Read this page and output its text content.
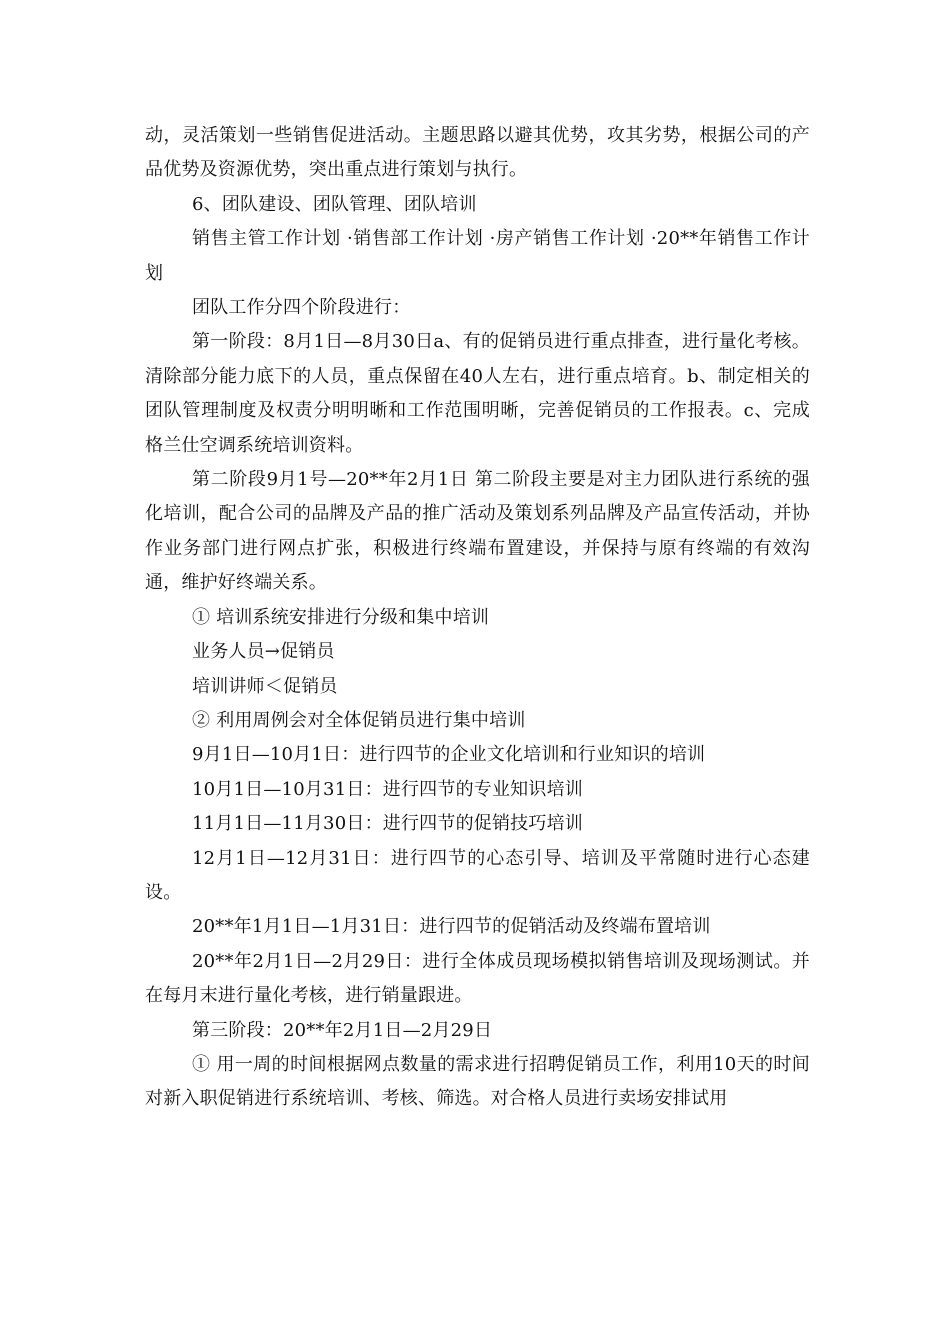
动，灵活策划一些销售促进活动。主题思路以避其优势，攻其劣势，根据公司的产品优势及资源优势，突出重点进行策划与执行。

6、团队建设、团队管理、团队培训

销售主管工作计划 ·销售部工作计划 ·房产销售工作计划 ·20**年销售工作计划

团队工作分四个阶段进行：

第一阶段：8月1日—8月30日a、有的促销员进行重点排查，进行量化考核。清除部分能力底下的人员，重点保留在40人左右，进行重点培育。b、制定相关的团队管理制度及权责分明明晰和工作范围明晰，完善促销员的工作报表。c、完成格兰仕空调系统培训资料。

第二阶段9月1号—20**年2月1日 第二阶段主要是对主力团队进行系统的强化培训，配合公司的品牌及产品的推广活动及策划系列品牌及产品宣传活动，并协作业务部门进行网点扩张，积极进行终端布置建设，并保持与原有终端的有效沟通，维护好终端关系。

① 培训系统安排进行分级和集中培训

业务人员→促销员

培训讲师＜促销员

② 利用周例会对全体促销员进行集中培训

9月1日—10月1日：进行四节的企业文化培训和行业知识的培训

10月1日—10月31日：进行四节的专业知识培训

11月1日—11月30日：进行四节的促销技巧培训

12月1日—12月31日：进行四节的心态引导、培训及平常随时进行心态建设。

20**年1月1日—1月31日：进行四节的促销活动及终端布置培训

20**年2月1日—2月29日：进行全体成员现场模拟销售培训及现场测试。并在每月末进行量化考核，进行销量跟进。

第三阶段：20**年2月1日—2月29日

① 用一周的时间根据网点数量的需求进行招聘促销员工作，利用10天的时间对新入职促销进行系统培训、考核、筛选。对合格人员进行卖场安排试用
